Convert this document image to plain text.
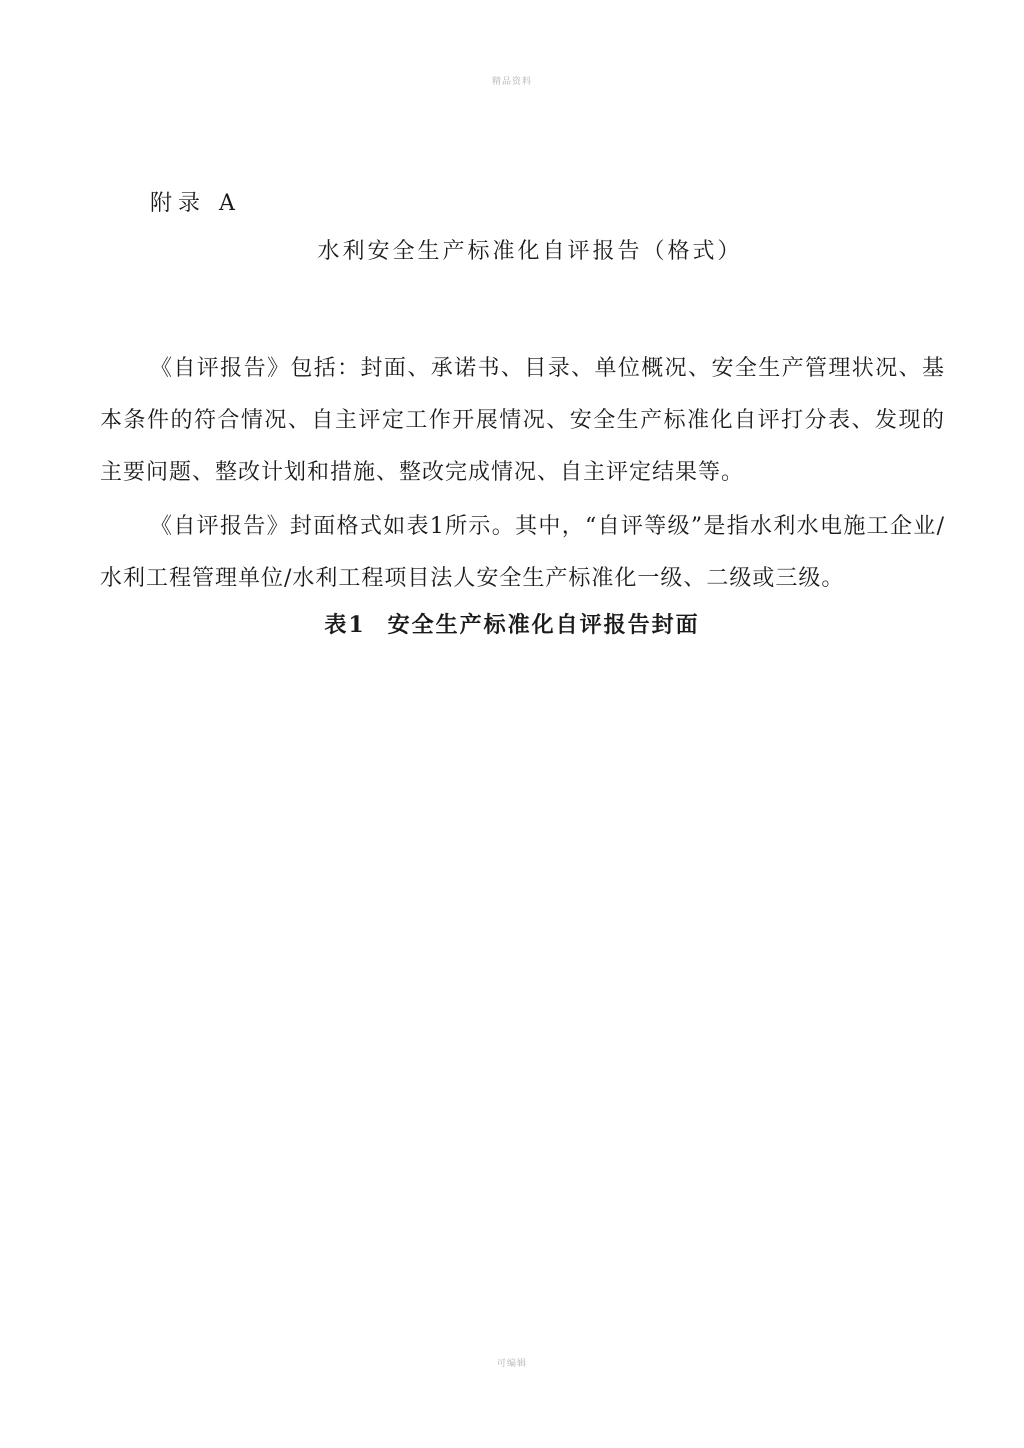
精品资料
附录 A
水利安全生产标准化自评报告（格式）

《自评报告》包括：封面、承诺书、目录、单位概况、安全生产管理状况、基本条件的符合情况、自主评定工作开展情况、安全生产标准化自评打分表、发现的主要问题、整改计划和措施、整改完成情况、自主评定结果等。

《自评报告》封面格式如表1所示。其中，“自评等级”是指水利水电施工企业/水利工程管理单位/水利工程项目法人安全生产标准化一级、二级或三级。

表1 安全生产标准化自评报告封面
可编辑
